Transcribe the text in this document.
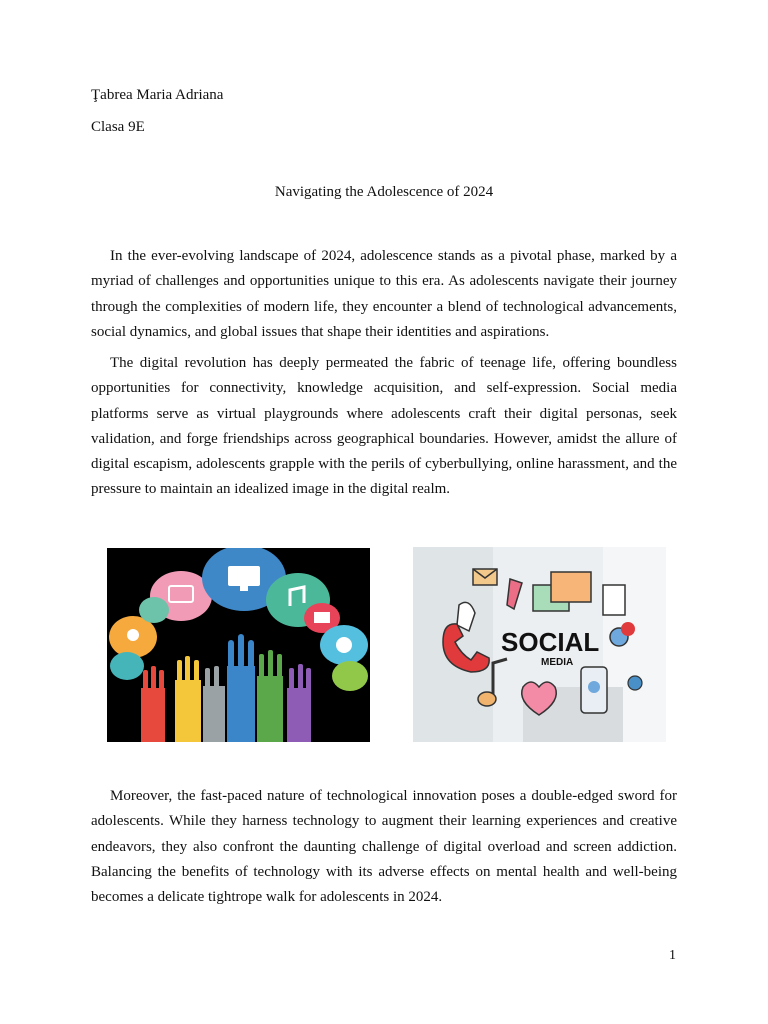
Ţabrea Maria Adriana
Clasa 9E
Navigating the Adolescence of 2024

In the ever-evolving landscape of 2024, adolescence stands as a pivotal phase, marked by a myriad of challenges and opportunities unique to this era. As adolescents navigate their journey through the complexities of modern life, they encounter a blend of technological advancements, social dynamics, and global issues that shape their identities and aspirations.

The digital revolution has deeply permeated the fabric of teenage life, offering boundless opportunities for connectivity, knowledge acquisition, and self-expression. Social media platforms serve as virtual playgrounds where adolescents craft their digital personas, seek validation, and forge friendships across geographical boundaries. However, amidst the allure of digital escapism, adolescents grapple with the perils of cyberbullying, online harassment, and the pressure to maintain an idealized image in the digital realm.

SOCIAL
MEDIA

Moreover, the fast-paced nature of technological innovation poses a double-edged sword for adolescents. While they harness technology to augment their learning experiences and creative endeavors, they also confront the daunting challenge of digital overload and screen addiction. Balancing the benefits of technology with its adverse effects on mental health and well-being becomes a delicate tightrope walk for adolescents in 2024.

1
